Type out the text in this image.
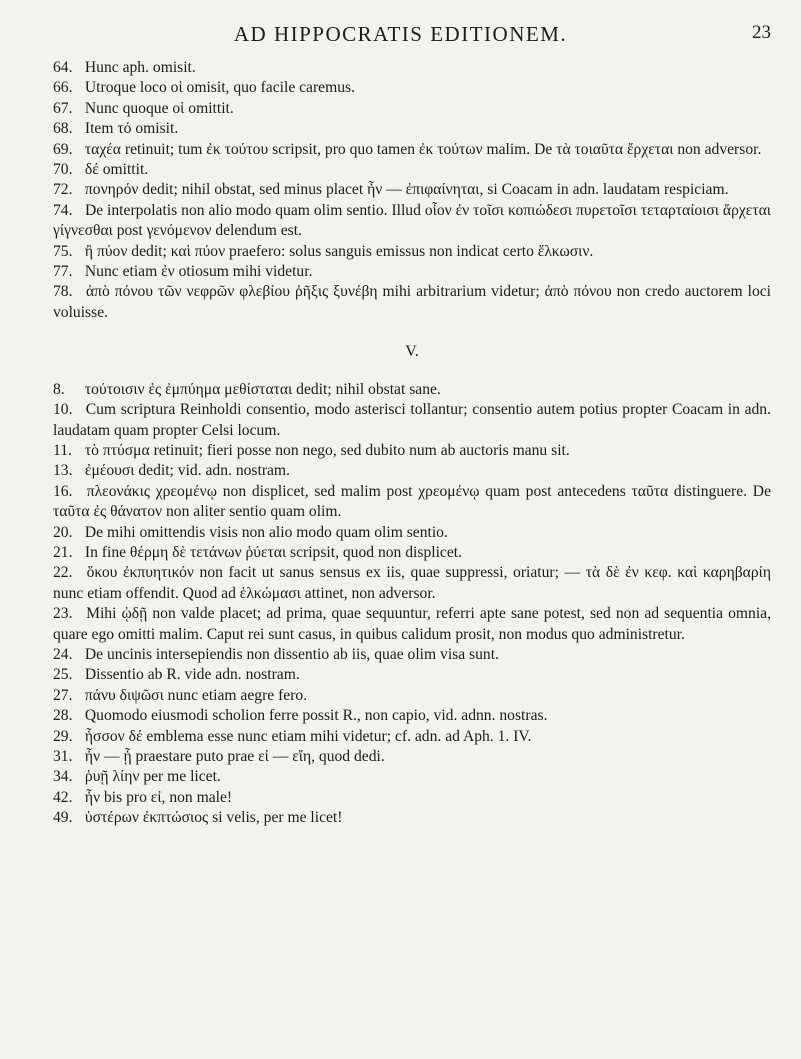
AD HIPPOCRATIS EDITIONEM.	23
64. Hunc aph. omisit.
66. Utroque loco οἱ omisit, quo facile caremus.
67. Nunc quoque οἱ omittit.
68. Item τό omisit.
69. ταχέα retinuit; tum ἐκ τούτου scripsit, pro quo tamen ἐκ τούτων malim. De τὰ τοιαῦτα ἔρχεται non adversor.
70. δέ omittit.
72. πονηρόν dedit; nihil obstat, sed minus placet ἦν — ἐπιφαίνηται, si Coacam in adn. laudatam respiciam.
74. De interpolatis non alio modo quam olim sentio. Illud οἷον ἐν τοῖσι κοπιώδεσι πυρετοῖσι τεταρταίοισι ἄρχεται γίγνεσθαι post γενόμενον delendum est.
75. ἢ πύον dedit; καὶ πύον praefero: solus sanguis emissus non indicat certo ἕλκωσιν.
77. Nunc etiam ἐν otiosum mihi videtur.
78. ἀπὸ πόνου τῶν νεφρῶν φλεβίου ῥῆξις ξυνέβη mihi arbitrarium videtur; ἀπὸ πόνου non credo auctorem loci voluisse.
V.
8. τούτοισιν ἐς ἐμπύημα μεθίσταται dedit; nihil obstat sane.
10. Cum scriptura Reinholdi consentio, modo asterisci tollantur; consentio autem potius propter Coacam in adn. laudatam quam propter Celsi locum.
11. τὸ πτύσμα retinuit; fieri posse non nego, sed dubito num ab auctoris manu sit.
13. ἐμέουσι dedit; vid. adn. nostram.
16. πλεονάκις χρεομένῳ non displicet, sed malim post χρεομένῳ quam post antecedens ταῦτα distinguere. De ταῦτα ἐς θάνατον non aliter sentio quam olim.
20. De mihi omittendis visis non alio modo quam olim sentio.
21. In fine θέρμη δὲ τετάνων ῥύεται scripsit, quod non displicet.
22. ὅκου ἐκπυητικόν non facit ut sanus sensus ex iis, quae suppressi, oriatur; — τὰ δὲ ἐν κεφ. καὶ καρηβαρίη nunc etiam offendit. Quod ad ἑλκώμασι attinet, non adversor.
23. Mihi ᾠδῇ non valde placet; ad prima, quae sequuntur, referri apte sane potest, sed non ad sequentia omnia, quare ego omitti malim. Caput rei sunt casus, in quibus calidum prosit, non modus quo administretur.
24. De uncinis intersepiendis non dissentio ab iis, quae olim visa sunt.
25. Dissentio ab R. vide adn. nostram.
27. πάνυ διψῶσι nunc etiam aegre fero.
28. Quomodo eiusmodi scholion ferre possit R., non capio, vid. adnn. nostras.
29. ἧσσον δέ emblema esse nunc etiam mihi videtur; cf. adn. ad Aph. 1. IV.
31. ἦν — ᾗ praestare puto prae εἰ — εἴη, quod dedi.
34. ῥυῇ λίην per me licet.
42. ἦν bis pro εἰ, non male!
49. ὑστέρων ἐκπτώσιος si velis, per me licet!
